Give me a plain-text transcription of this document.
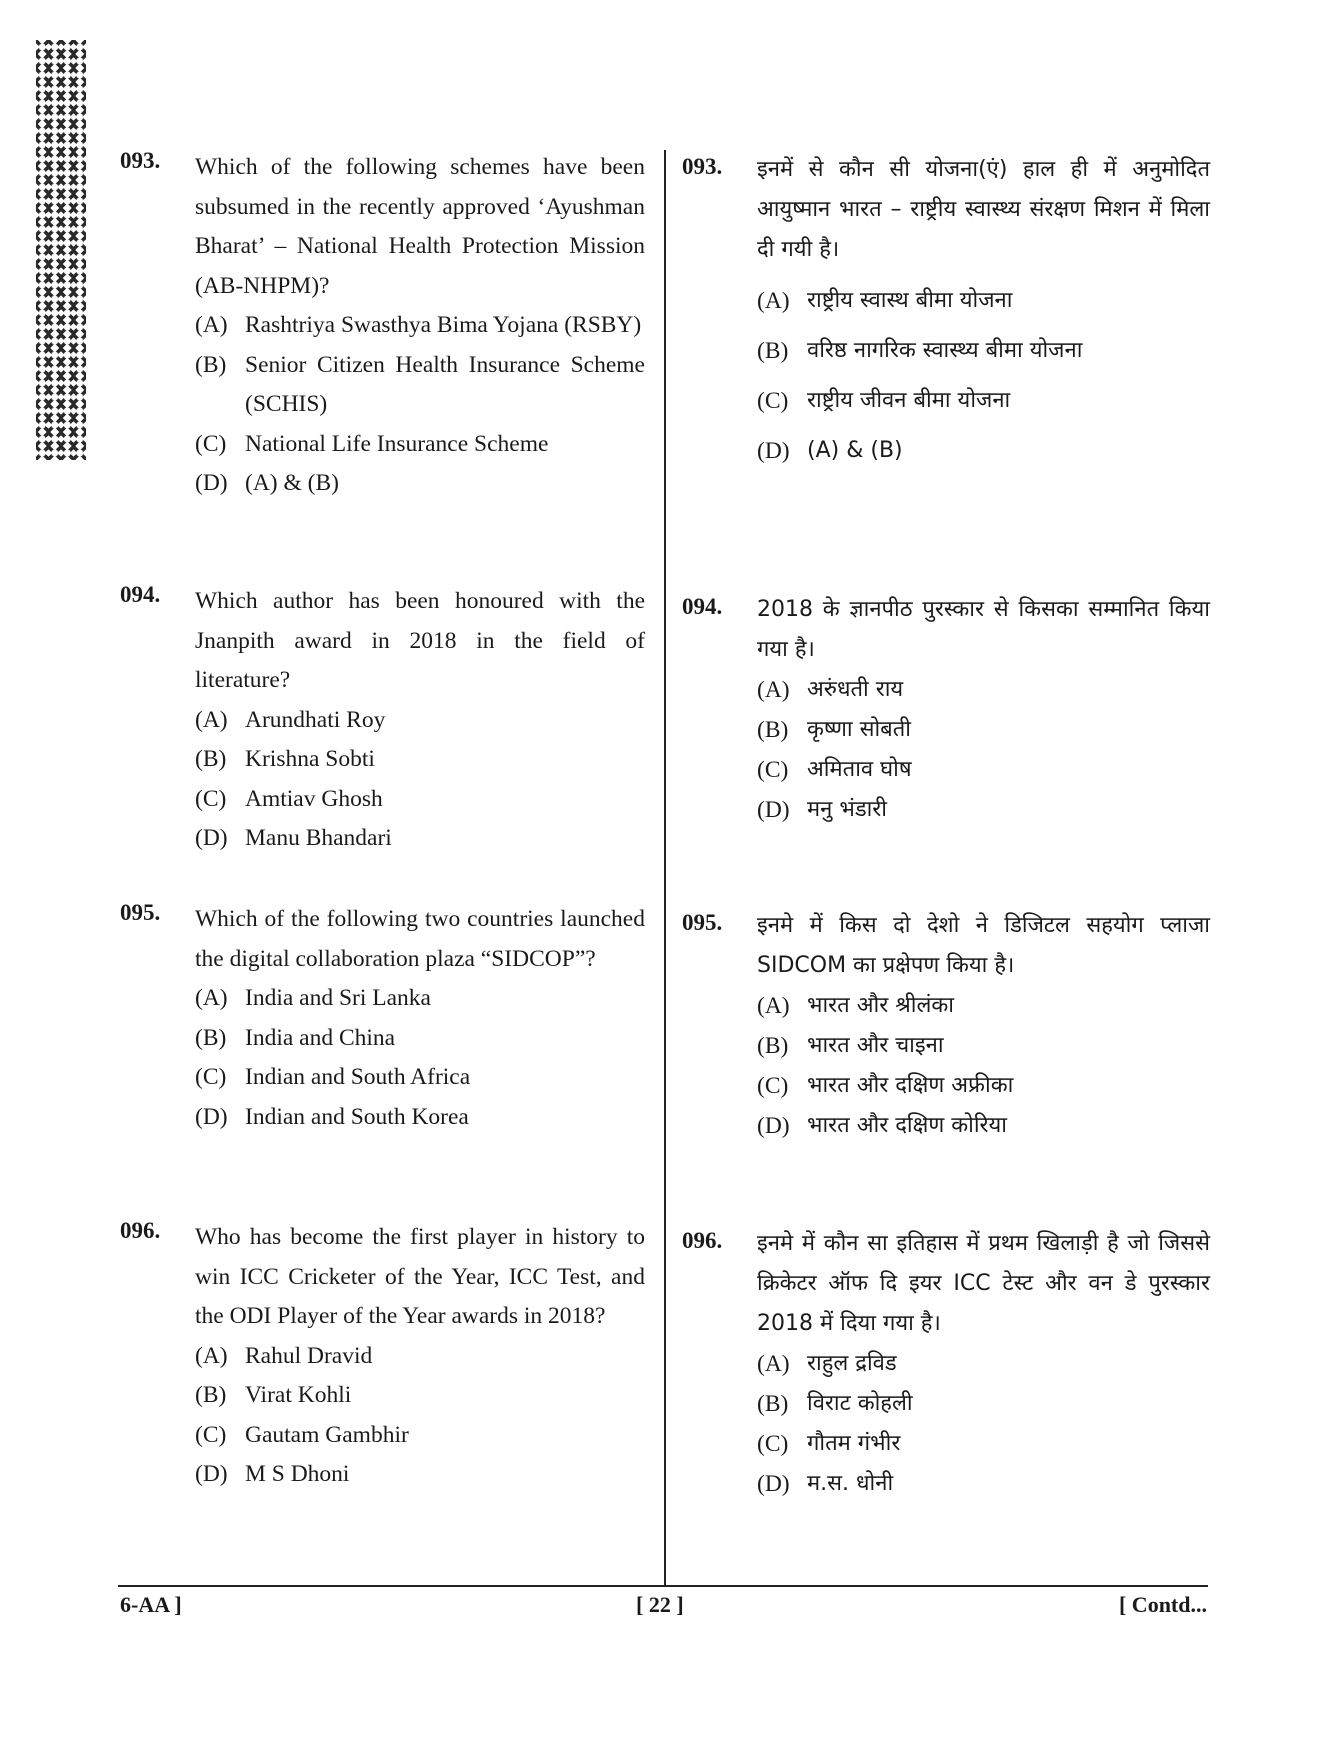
093. Which of the following schemes have been subsumed in the recently approved ‘Ayushman Bharat’ – National Health Protection Mission (AB-NHPM)?
(A) Rashtriya Swasthya Bima Yojana (RSBY)
(B) Senior Citizen Health Insurance Scheme (SCHIS)
(C) National Life Insurance Scheme
(D) (A) & (B)
094. Which author has been honoured with the Jnanpith award in 2018 in the field of literature?
(A) Arundhati Roy
(B) Krishna Sobti
(C) Amtiav Ghosh
(D) Manu Bhandari
095. Which of the following two countries launched the digital collaboration plaza “SIDCOP”?
(A) India and Sri Lanka
(B) India and China
(C) Indian and South Africa
(D) Indian and South Korea
096. Who has become the first player in history to win ICC Cricketer of the Year, ICC Test, and the ODI Player of the Year awards in 2018?
(A) Rahul Dravid
(B) Virat Kohli
(C) Gautam Gambhir
(D) M S Dhoni
093. इनमें से कौन सी योजना(एं) हाल ही में अनुमोदित आयुष्मान भारत – राष्ट्रीय स्वास्थ्य संरक्षण मिशन में मिला दी गयी है।
(A) राष्ट्रीय स्वास्थ बीमा योजना
(B) वरिष्ठ नागरिक स्वास्थ्य बीमा योजना
(C) राष्ट्रीय जीवन बीमा योजना
(D) (A) & (B)
094. 2018 के ज्ञानपीठ पुरस्कार से किसका सम्मानित किया गया है।
(A) अरुंधती राय
(B) कृष्णा सोबती
(C) अमिताव घोष
(D) मनु भंडारी
095. इनमे में किस दो देशो ने डिजिटल सहयोग प्लाजा SIDCOM का प्रक्षेपण किया है।
(A) भारत और श्रीलंका
(B) भारत और चाइना
(C) भारत और दक्षिण अफ्रीका
(D) भारत और दक्षिण कोरिया
096. इनमे में कौन सा इतिहास में प्रथम खिलाड़ी है जो जिससे क्रिकेटर ऑफ दि इयर ICC टेस्ट और वन डे पुरस्कार 2018 में दिया गया है।
(A) राहुल द्रविड
(B) विराट कोहली
(C) गौतम गंभीर
(D) म.स. धोनी
6-AA ]	[ 22 ]	[ Contd...
